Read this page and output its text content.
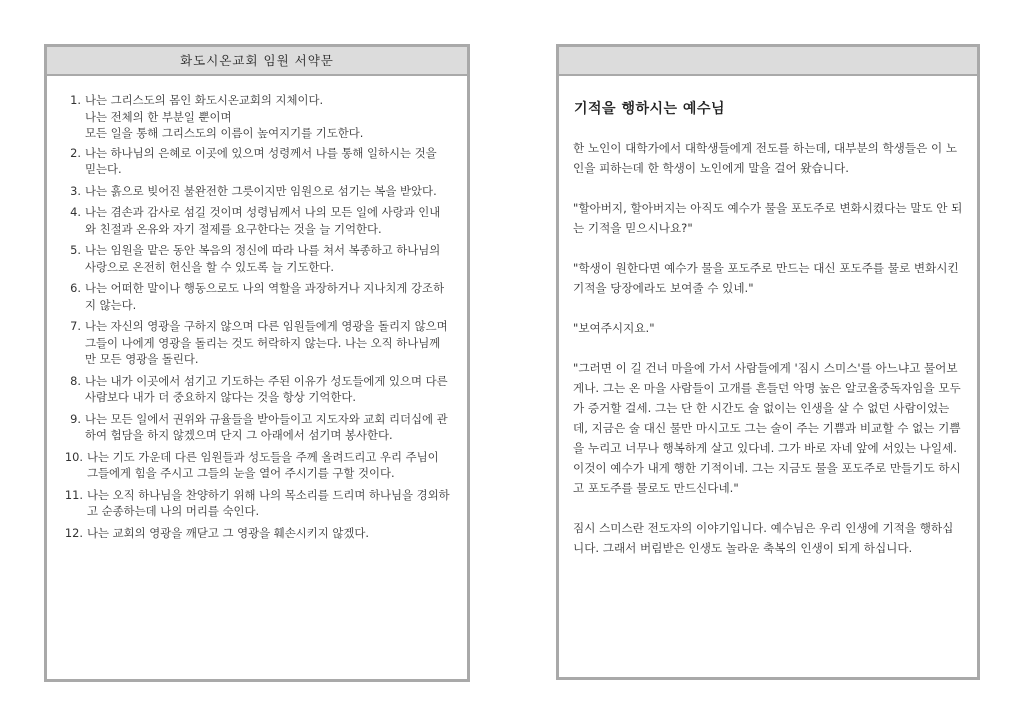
화도시온교회 임원 서약문
1. 나는 그리스도의 몸인 화도시온교회의 지체이다.

나는 전체의 한 부분일 뿐이며

모든 일을 통해 그리스도의 이름이 높여지기를 기도한다.

2. 나는 하나님의 은혜로 이곳에 있으며 성령께서 나를 통해 일하시는 것을 믿는다.
3. 나는 흙으로 빚어진 불완전한 그릇이지만 임원으로 섬기는 복을 받았다.
4. 나는 겸손과 감사로 섬길 것이며 성령님께서 나의 모든 일에 사랑과 인내와 친절과 온유와 자기 절제를 요구한다는 것을 늘 기억한다.
5. 나는 임원을 맡은 동안 복음의 정신에 따라 나를 쳐서 복종하고 하나님의 사랑으로 온전히 헌신을 할 수 있도록 늘 기도한다.
6. 나는 어떠한 말이나 행동으로도 나의 역할을 과장하거나 지나치게 강조하지 않는다.
7. 나는 자신의 영광을 구하지 않으며 다른 임원들에게 영광을 돌리지 않으며 그들이 나에게 영광을 돌리는 것도 허락하지 않는다. 나는 오직 하나님께만 모든 영광을 돌린다.
8. 나는 내가 이곳에서 섬기고 기도하는 주된 이유가 성도들에게 있으며 다른 사람보다 내가 더 중요하지 않다는 것을 항상 기억한다.
9. 나는 모든 일에서 권위와 규율들을 받아들이고 지도자와 교회 리더십에 관하여 험담을 하지 않겠으며 단지 그 아래에서 섬기며 봉사한다.
10. 나는 기도 가운데 다른 임원들과 성도들을 주께 올려드리고 우리 주님이 그들에게 힘을 주시고 그들의 눈을 열어 주시기를 구할 것이다.
11. 나는 오직 하나님을 찬양하기 위해 나의 목소리를 드리며 하나님을 경외하고 순종하는데 나의 머리를 숙인다.
12. 나는 교회의 영광을 깨닫고 그 영광을 훼손시키지 않겠다.
기적을 행하시는 예수님

한 노인이 대학가에서 대학생들에게 전도를 하는데, 대부분의 학생들은 이 노인을 피하는데 한 학생이 노인에게 말을 걸어 왔습니다.

"할아버지, 할아버지는 아직도 예수가 물을 포도주로 변화시켰다는 말도 안 되는 기적을 믿으시나요?"

"학생이 원한다면 예수가 물을 포도주로 만드는 대신 포도주를 물로 변화시킨 기적을 당장에라도 보여줄 수 있네."

"보여주시지요."

"그러면 이 길 건너 마을에 가서 사람들에게 '짐시 스미스'를 아느냐고 물어보게나. 그는 온 마을 사람들이 고개를 흔들던 악명 높은 알코올중독자임을 모두가 증거할 걸세. 그는 단 한 시간도 술 없이는 인생을 살 수 없던 사람이었는데, 지금은 술 대신 물만 마시고도 그는 술이 주는 기쁨과 비교할 수 없는 기쁨을 누리고 너무나 행복하게 살고 있다네. 그가 바로 자네 앞에 서있는 나일세. 이것이 예수가 내게 행한 기적이네. 그는 지금도 물을 포도주로 만들기도 하시고 포도주를 물로도 만드신다네."

짐시 스미스란 전도자의 이야기입니다. 예수님은 우리 인생에 기적을 행하십니다. 그래서 버림받은 인생도 놀라운 축복의 인생이 되게 하십니다.
